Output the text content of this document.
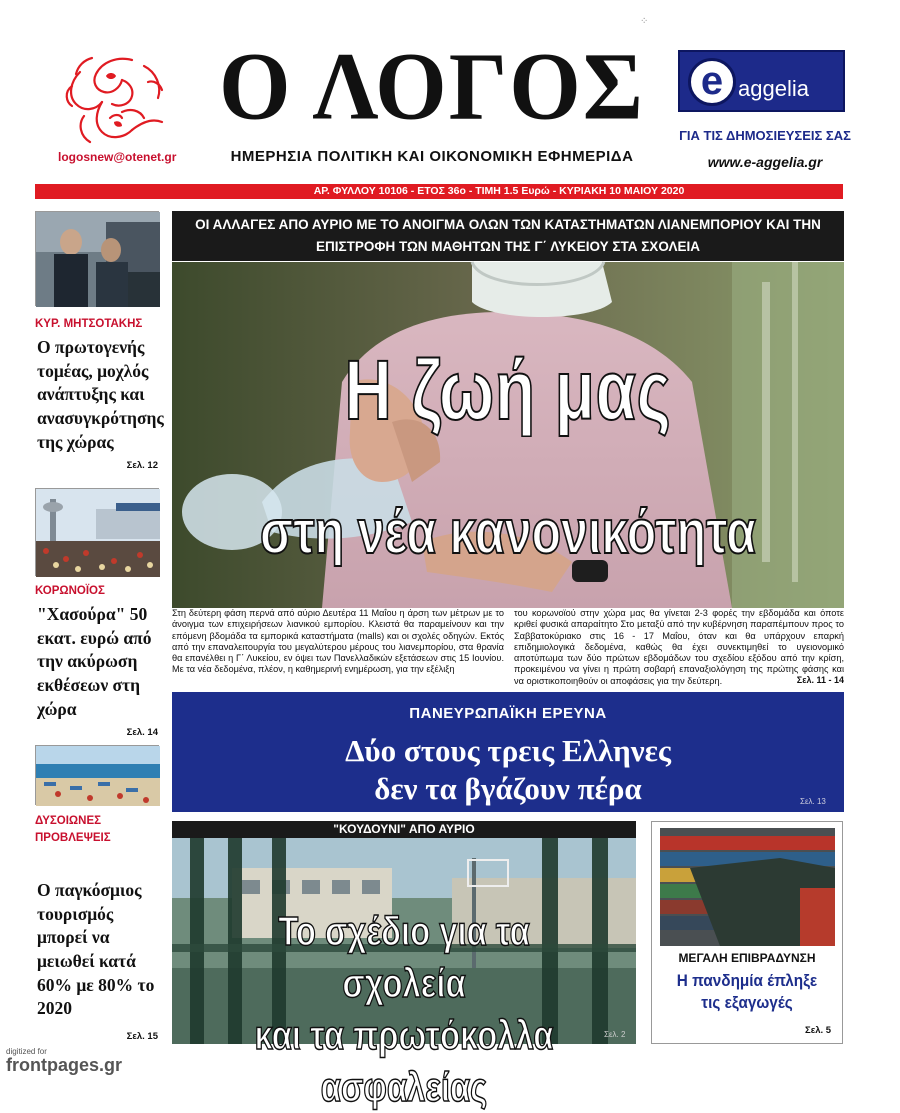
⁘
logosnew@otenet.gr
Ο ΛΟΓΟΣ
ΗΜΕΡΗΣΙΑ ΠΟΛΙΤΙΚΗ ΚΑΙ ΟΙΚΟΝΟΜΙΚΗ ΕΦΗΜΕΡΙΔΑ
e aggelia
ΓΙΑ ΤΙΣ ΔΗΜΟΣΙΕΥΣΕΙΣ ΣΑΣ
www.e-aggelia.gr
ΑΡ. ΦΥΛΛΟΥ 10106 - ΕΤΟΣ 36ο - ΤΙΜΗ 1.5 Ευρώ - ΚΥΡΙΑΚΗ 10 ΜΑΙΟΥ 2020
ΚΥΡ. ΜΗΤΣΟΤΑΚΗΣ
Ο πρωτογενής τομέας, μοχλός ανάπτυξης και ανασυγκρότησης της χώρας
Σελ. 12
ΚΟΡΩΝΟΪΟΣ
"Χασούρα" 50 εκατ. ευρώ από την ακύρωση εκθέσεων στη χώρα
Σελ. 14
ΔΥΣΟΙΩΝΕΣ ΠΡΟΒΛΕΨΕΙΣ
Ο παγκόσμιος τουρισμός μπορεί να μειωθεί κατά 60% με 80% το 2020
Σελ. 15
ΟΙ ΑΛΛΑΓΕΣ ΑΠΟ ΑΥΡΙΟ ΜΕ ΤΟ ΑΝΟΙΓΜΑ ΟΛΩΝ ΤΩΝ ΚΑΤΑΣΤΗΜΑΤΩΝ ΛΙΑΝΕΜΠΟΡΙΟΥ ΚΑΙ ΤΗΝ ΕΠΙΣΤΡΟΦΗ ΤΩΝ ΜΑΘΗΤΩΝ ΤΗΣ Γ΄ ΛΥΚΕΙΟΥ ΣΤΑ ΣΧΟΛΕΙΑ
Η ζωή μας
στη νέα κανονικότητα
Στη δεύτερη φάση περνά από αύριο Δευτέρα 11 Μαΐου η άρση των μέτρων με το άνοιγμα των επιχειρήσεων λιανικού εμπορίου. Κλειστά θα παραμείνουν και την επόμενη βδομάδα τα εμπορικά καταστήματα (malls) και οι σχολές οδηγών. Εκτός από την επαναλειτουργία του μεγαλύτερου μέρους του λιανεμπορίου, στα θρανία θα επανέλθει η Γ΄ Λυκείου, εν όψει των Πανελλαδικών εξετάσεων στις 15 Ιουνίου. Με τα νέα δεδομένα, πλέον, η καθημερινή ενημέρωση, για την εξέλιξη
του κορωνοϊού στην χώρα μας θα γίνεται 2-3 φορές την εβδομάδα και όποτε κριθεί φυσικά απαραίτητο Στο μεταξύ από την κυβέρνηση παραπέμπουν προς το Σαββατοκύριακο στις 16 - 17 Μαΐου, όταν και θα υπάρχουν επαρκή επιδημιολογικά δεδομένα, καθώς θα έχει συνεκτιμηθεί το υγειονομικό αποτύπωμα των δύο πρώτων εβδομάδων του σχεδίου εξόδου από την κρίση, προκειμένου να γίνει η πρώτη σοβαρή επαναξιολόγηση της πρώτης φάσης και να οριστικοποιηθούν οι αποφάσεις για την δεύτερη.	Σελ. 11 - 14
ΠΑΝΕΥΡΩΠΑΪΚΗ ΕΡΕΥΝΑ
Δύο στους τρεις Ελληνες
δεν τα βγάζουν πέρα	Σελ. 13
"ΚΟΥΔΟΥΝΙ" ΑΠΟ ΑΥΡΙΟ
Το σχέδιο για τα σχολεία
και τα πρωτόκολλα ασφαλείας
Σελ. 2
ΜΕΓΑΛΗ ΕΠΙΒΡΑΔΥΝΣΗ
Η πανδημία έπληξε
τις εξαγωγές
Σελ. 5
digitized for
frontpages.gr
